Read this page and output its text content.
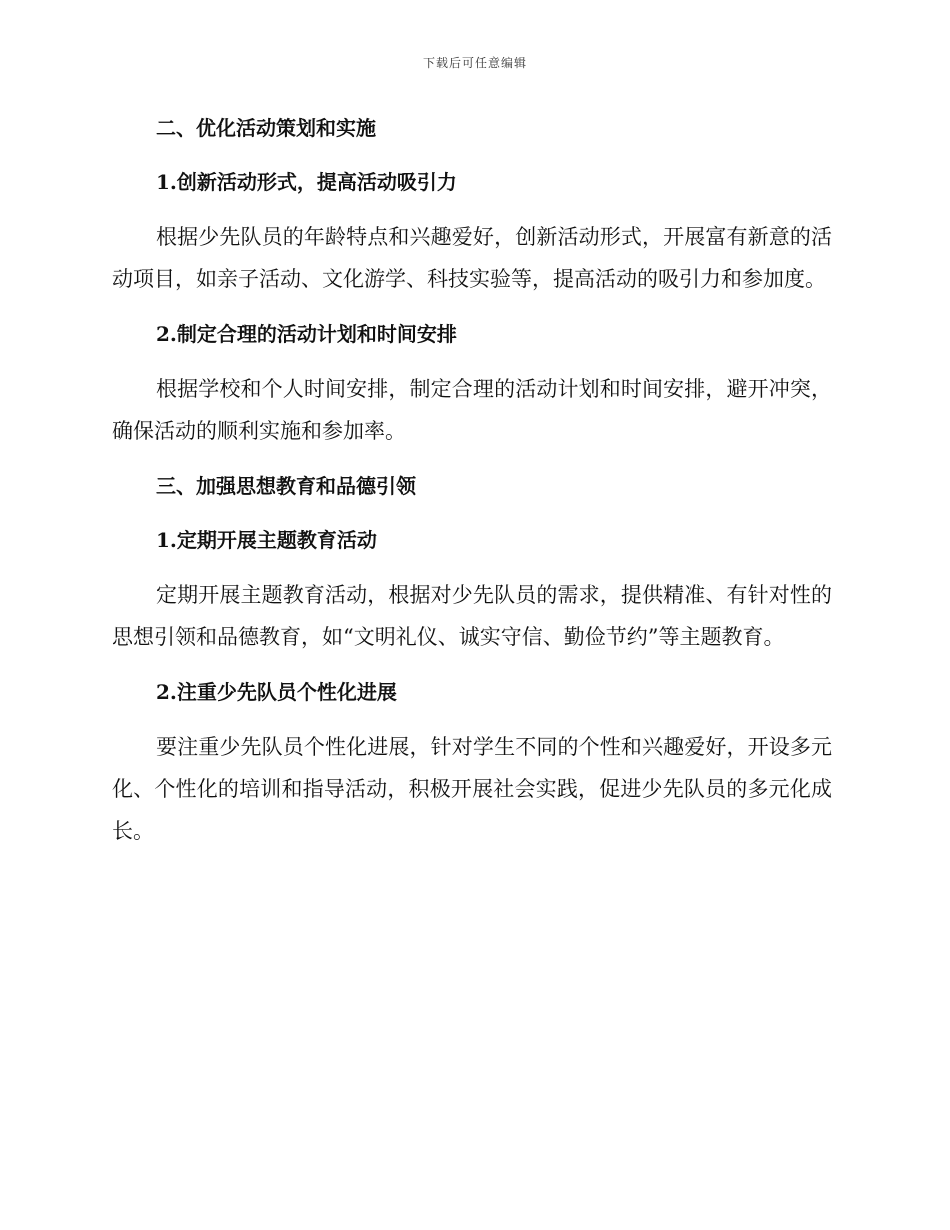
下载后可任意编辑
二、优化活动策划和实施
1.创新活动形式，提高活动吸引力

根据少先队员的年龄特点和兴趣爱好，创新活动形式，开展富有新意的活动项目，如亲子活动、文化游学、科技实验等，提高活动的吸引力和参加度。

2.制定合理的活动计划和时间安排

根据学校和个人时间安排，制定合理的活动计划和时间安排，避开冲突，确保活动的顺利实施和参加率。

三、加强思想教育和品德引领
1.定期开展主题教育活动

定期开展主题教育活动，根据对少先队员的需求，提供精准、有针对性的思想引领和品德教育，如“文明礼仪、诚实守信、勤俭节约”等主题教育。

2.注重少先队员个性化进展

要注重少先队员个性化进展，针对学生不同的个性和兴趣爱好，开设多元化、个性化的培训和指导活动，积极开展社会实践，促进少先队员的多元化成长。
